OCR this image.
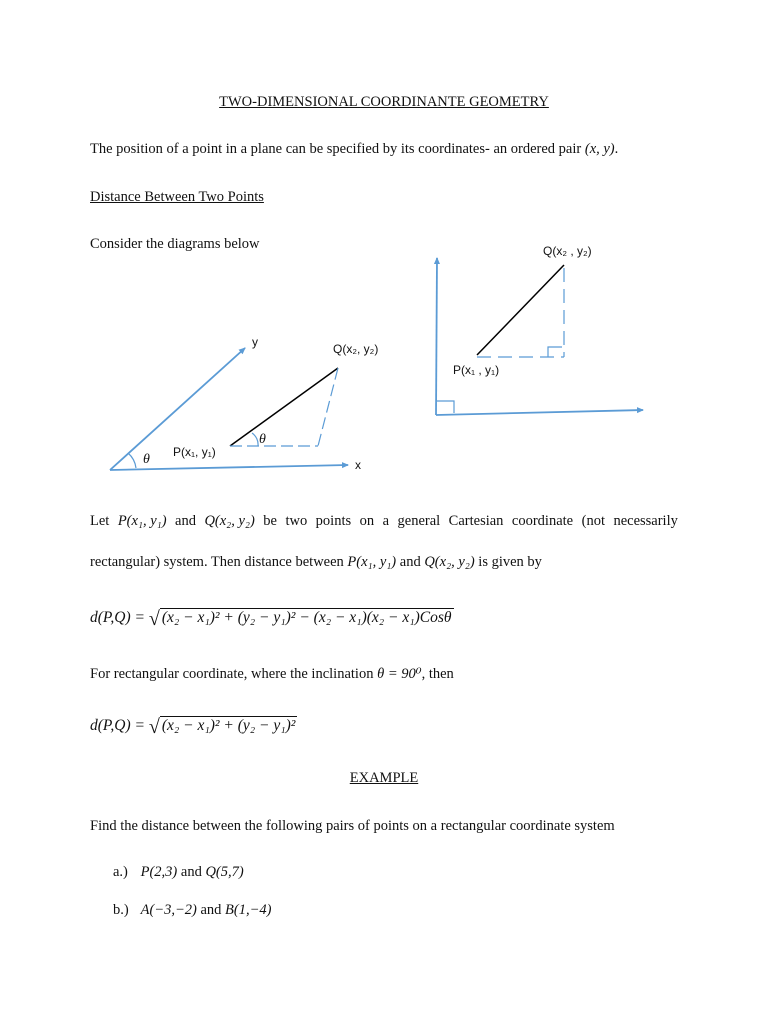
TWO-DIMENSIONAL COORDINANTE GEOMETRY
The position of a point in a plane can be specified by its coordinates- an ordered pair (x, y).
Distance Between Two Points
Consider the diagrams below
y
x
θ
θ
P(x₁, y₁)
Q(x₂, y₂)
P(x₁ , y₁)
Q(x₂ , y₂)
Let P(x₁, y₁) and Q(x₂, y₂) be two points on a general Cartesian coordinate (not necessarily
rectangular) system. Then distance between P(x₁, y₁) and Q(x₂, y₂) is given by
d(P,Q) = √ (x₂ − x₁)² + (y₂ − y₁)² − (x₂ − x₁)(x₂ − x₁)Cosθ
For rectangular coordinate, where the inclination θ = 90⁰, then
d(P,Q) = √ (x₂ − x₁)² + (y₂ − y₁)²
EXAMPLE
Find the distance between the following pairs of points on a rectangular coordinate system
a.) P(2,3) and Q(5,7)
b.) A(−3,−2) and B(1,−4)
